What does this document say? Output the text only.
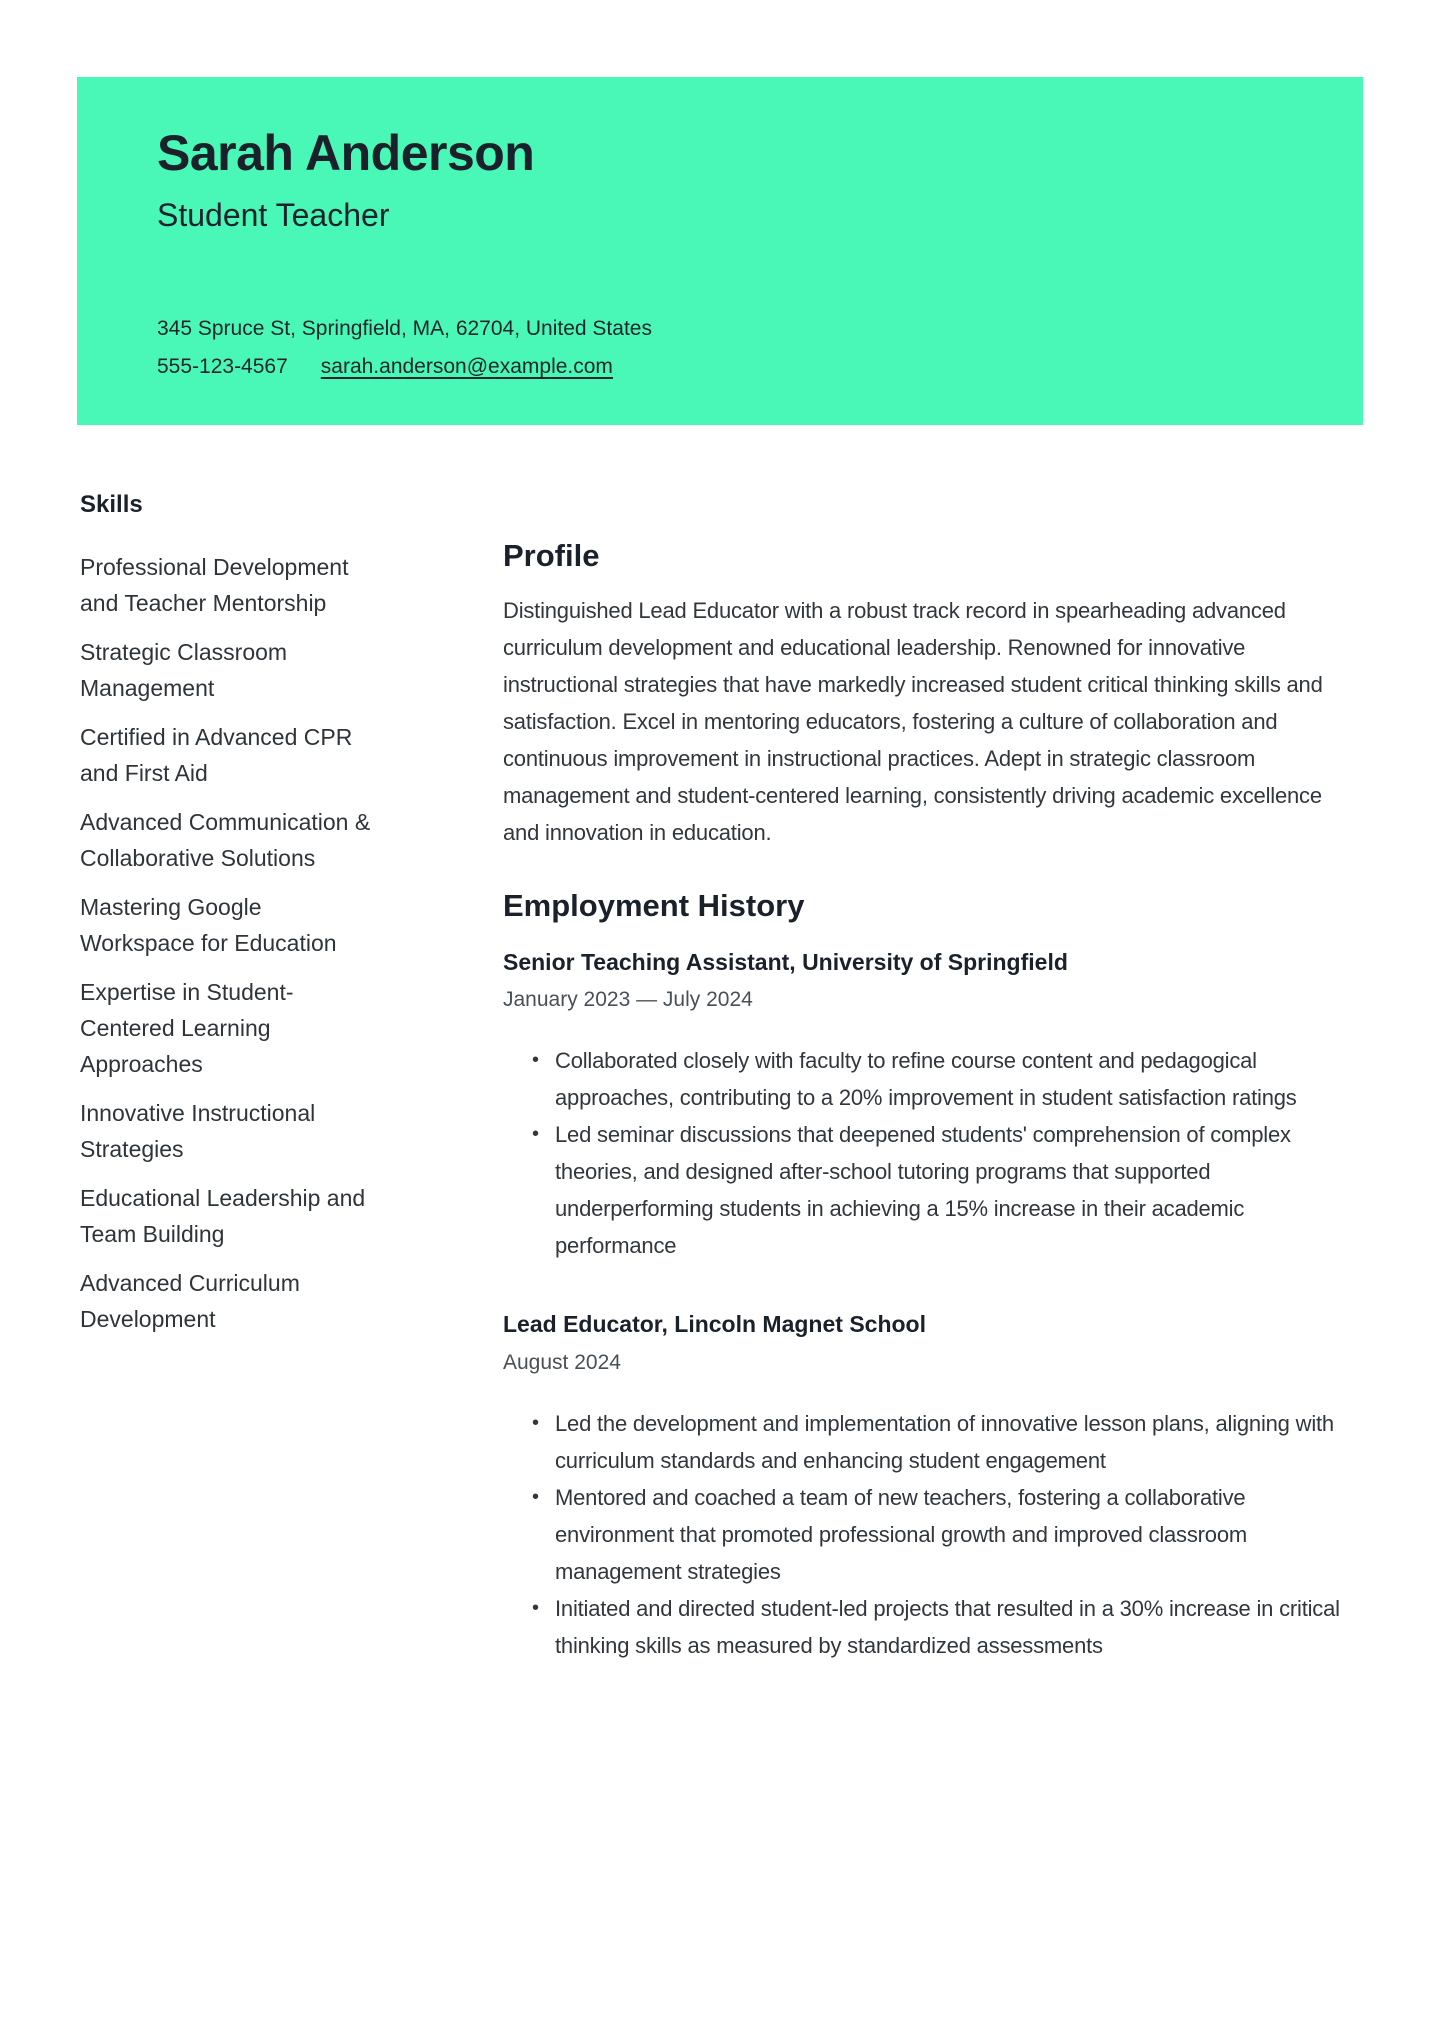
Sarah Anderson
Student Teacher
345 Spruce St, Springfield, MA, 62704, United States
555-123-4567 sarah.anderson@example.com
Skills
Professional Development and Teacher Mentorship
Strategic Classroom Management
Certified in Advanced CPR and First Aid
Advanced Communication & Collaborative Solutions
Mastering Google Workspace for Education
Expertise in Student-Centered Learning Approaches
Innovative Instructional Strategies
Educational Leadership and Team Building
Advanced Curriculum Development
Profile

Distinguished Lead Educator with a robust track record in spearheading advanced curriculum development and educational leadership. Renowned for innovative instructional strategies that have markedly increased student critical thinking skills and satisfaction. Excel in mentoring educators, fostering a culture of collaboration and continuous improvement in instructional practices. Adept in strategic classroom management and student-centered learning, consistently driving academic excellence and innovation in education.

Employment History
Senior Teaching Assistant, University of Springfield
January 2023 — July 2024
• Collaborated closely with faculty to refine course content and pedagogical approaches, contributing to a 20% improvement in student satisfaction ratings
• Led seminar discussions that deepened students' comprehension of complex theories, and designed after-school tutoring programs that supported underperforming students in achieving a 15% increase in their academic performance
Lead Educator, Lincoln Magnet School
August 2024
• Led the development and implementation of innovative lesson plans, aligning with curriculum standards and enhancing student engagement
• Mentored and coached a team of new teachers, fostering a collaborative environment that promoted professional growth and improved classroom management strategies
• Initiated and directed student-led projects that resulted in a 30% increase in critical thinking skills as measured by standardized assessments
